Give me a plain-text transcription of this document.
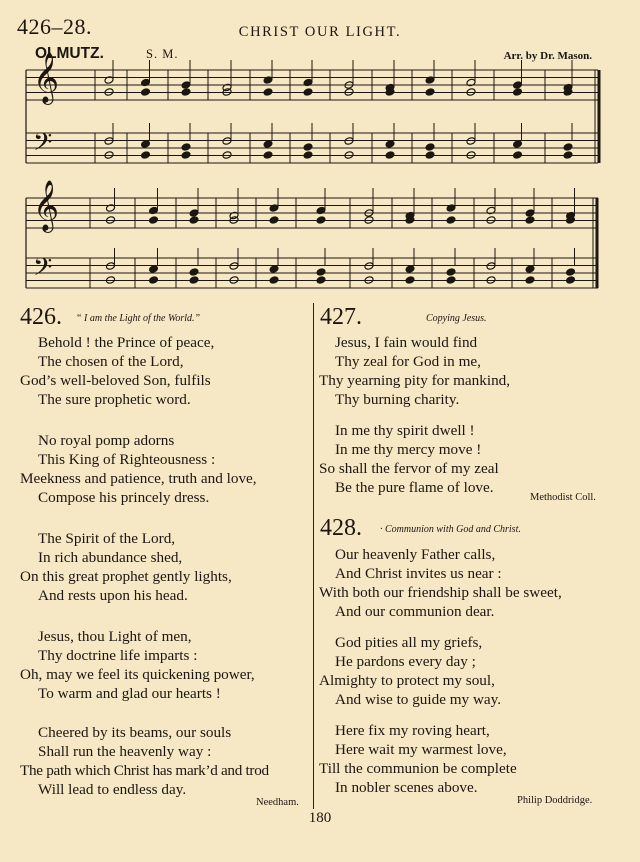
426–28.	CHRIST OUR LIGHT.
OLMUTZ.	S. M.	Arr. by Dr. Mason.
𝄞
𝄢
𝄞
𝄢
426. “ I am the Light of the World.”
Behold ! the Prince of peace,
The chosen of the Lord,
God’s well-beloved Son, fulfils
The sure prophetic word.
No royal pomp adorns
This King of Righteousness :
Meekness and patience, truth and love,
Compose his princely dress.
The Spirit of the Lord,
In rich abundance shed,
On this great prophet gently lights,
And rests upon his head.
Jesus, thou Light of men,
Thy doctrine life imparts :
Oh, may we feel its quickening power,
To warm and glad our hearts !
Cheered by its beams, our souls
Shall run the heavenly way :
The path which Christ has mark’d and trod
Will lead to endless day.
Needham.
427.	Copying Jesus.
Jesus, I fain would find
Thy zeal for God in me,
Thy yearning pity for mankind,
Thy burning charity.
In me thy spirit dwell !
In me thy mercy move !
So shall the fervor of my zeal
Be the pure flame of love.
Methodist Coll.
428. · Communion with God and Christ.
Our heavenly Father calls,
And Christ invites us near :
With both our friendship shall be sweet,
And our communion dear.
God pities all my griefs,
He pardons every day ;
Almighty to protect my soul,
And wise to guide my way.
Here fix my roving heart,
Here wait my warmest love,
Till the communion be complete
In nobler scenes above.
Philip Doddridge.
180
